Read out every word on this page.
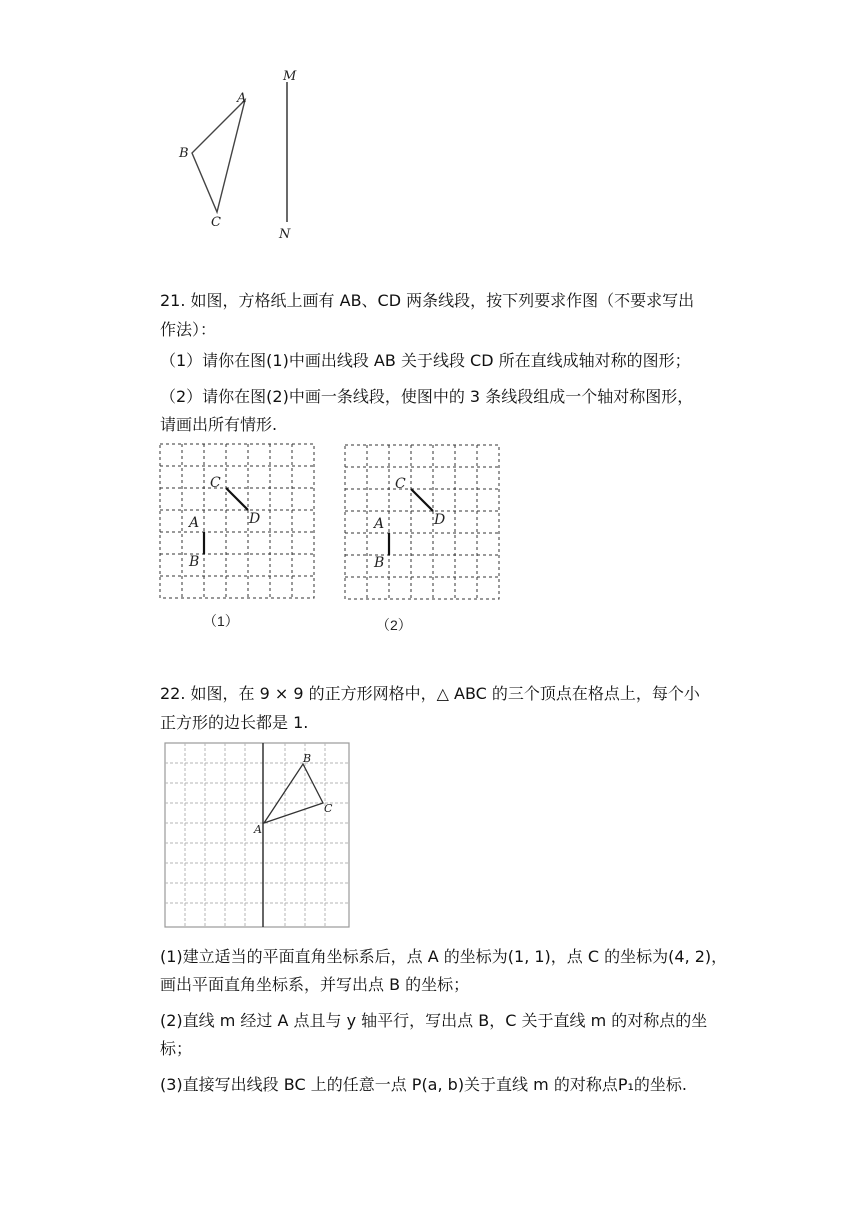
A
B
C
M
N
21. 如图，方格纸上画有 AB、CD 两条线段，按下列要求作图（不要求写出
作法）：
（1）请你在图(1)中画出线段 AB 关于线段 CD 所在直线成轴对称的图形；
（2）请你在图(2)中画一条线段，使图中的 3 条线段组成一个轴对称图形，
请画出所有情形.
C
D
A
B
（1）
C
D
A
B
（2）
22. 如图，在 9 × 9 的正方形网格中，△ ABC 的三个顶点在格点上，每个小
正方形的边长都是 1.
A
B
C
(1)建立适当的平面直角坐标系后，点 A 的坐标为(1, 1)，点 C 的坐标为(4, 2)，
画出平面直角坐标系，并写出点 B 的坐标；
(2)直线 m 经过 A 点且与 y 轴平行，写出点 B，C 关于直线 m 的对称点的坐
标；
(3)直接写出线段 BC 上的任意一点 P(a, b)关于直线 m 的对称点P₁的坐标.
